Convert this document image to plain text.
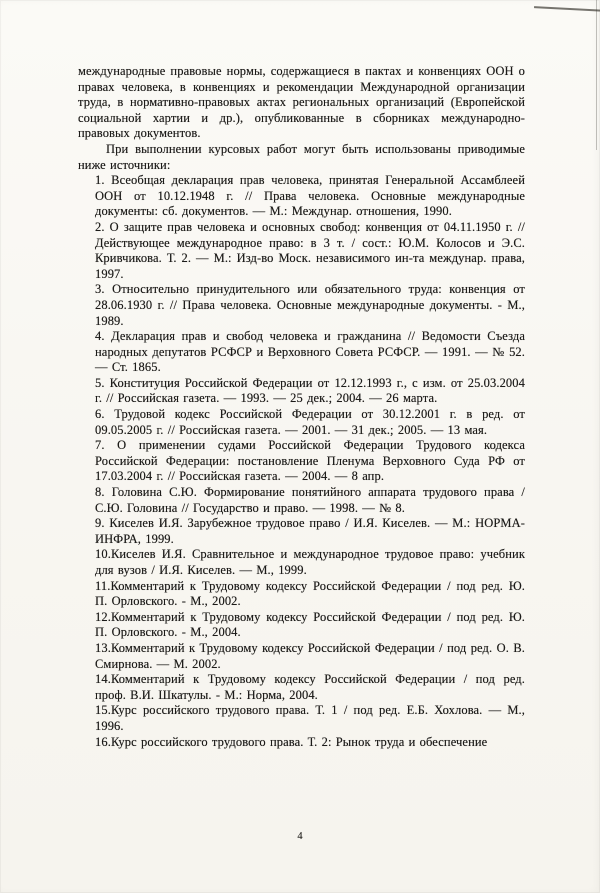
международные правовые нормы, содержащиеся в пактах и конвенциях ООН о правах человека, в конвенциях и рекомендации Международной организации труда, в нормативно-правовых актах региональных организаций (Европейской социальной хартии и др.), опубликованные в сборниках международно-правовых документов.

При выполнении курсовых работ могут быть использованы приводимые ниже источники:

1. Всеобщая декларация прав человека, принятая Генеральной Ассамблеей ООН от 10.12.1948 г. // Права человека. Основные международные документы: сб. документов. — М.: Междунар. отношения, 1990.
2. О защите прав человека и основных свобод: конвенция от 04.11.1950 г. // Действующее международное право: в 3 т. / сост.: Ю.М. Колосов и Э.С. Кривчикова. Т. 2. — М.: Изд-во Моск. независимого ин-та междунар. права, 1997.
3. Относительно принудительного или обязательного труда: конвенция от 28.06.1930 г. // Права человека. Основные международные документы. - М., 1989.
4. Декларация прав и свобод человека и гражданина // Ведомости Съезда народных депутатов РСФСР и Верховного Совета РСФСР. — 1991. — № 52. — Ст. 1865.
5. Конституция Российской Федерации от 12.12.1993 г., с изм. от 25.03.2004 г. // Российская газета. — 1993. — 25 дек.; 2004. — 26 марта.
6. Трудовой кодекс Российской Федерации от 30.12.2001 г. в ред. от 09.05.2005 г. // Российская газета. — 2001. — 31 дек.; 2005. — 13 мая.
7. О применении судами Российской Федерации Трудового кодекса Российской Федерации: постановление Пленума Верховного Суда РФ от 17.03.2004 г. // Российская газета. — 2004. — 8 апр.
8. Головина С.Ю. Формирование понятийного аппарата трудового права / С.Ю. Головина // Государство и право. — 1998. — № 8.
9. Киселев И.Я. Зарубежное трудовое право / И.Я. Киселев. — М.: НОРМА-ИНФРА, 1999.
10.Киселев И.Я. Сравнительное и международное трудовое право: учебник для вузов / И.Я. Киселев. — М., 1999.
11.Комментарий к Трудовому кодексу Российской Федерации / под ред. Ю. П. Орловского. - М., 2002.
12.Комментарий к Трудовому кодексу Российской Федерации / под ред. Ю. П. Орловского. - М., 2004.
13.Комментарий к Трудовому кодексу Российской Федерации / под ред. О. В. Смирнова. — М. 2002.
14.Комментарий к Трудовому кодексу Российской Федерации / под ред. проф. В.И. Шкатулы. - М.: Норма, 2004.
15.Курс российского трудового права. Т. 1 / под ред. Е.Б. Хохлова. — М., 1996.
16.Курс российского трудового права. Т. 2: Рынок труда и обеспечение
4
